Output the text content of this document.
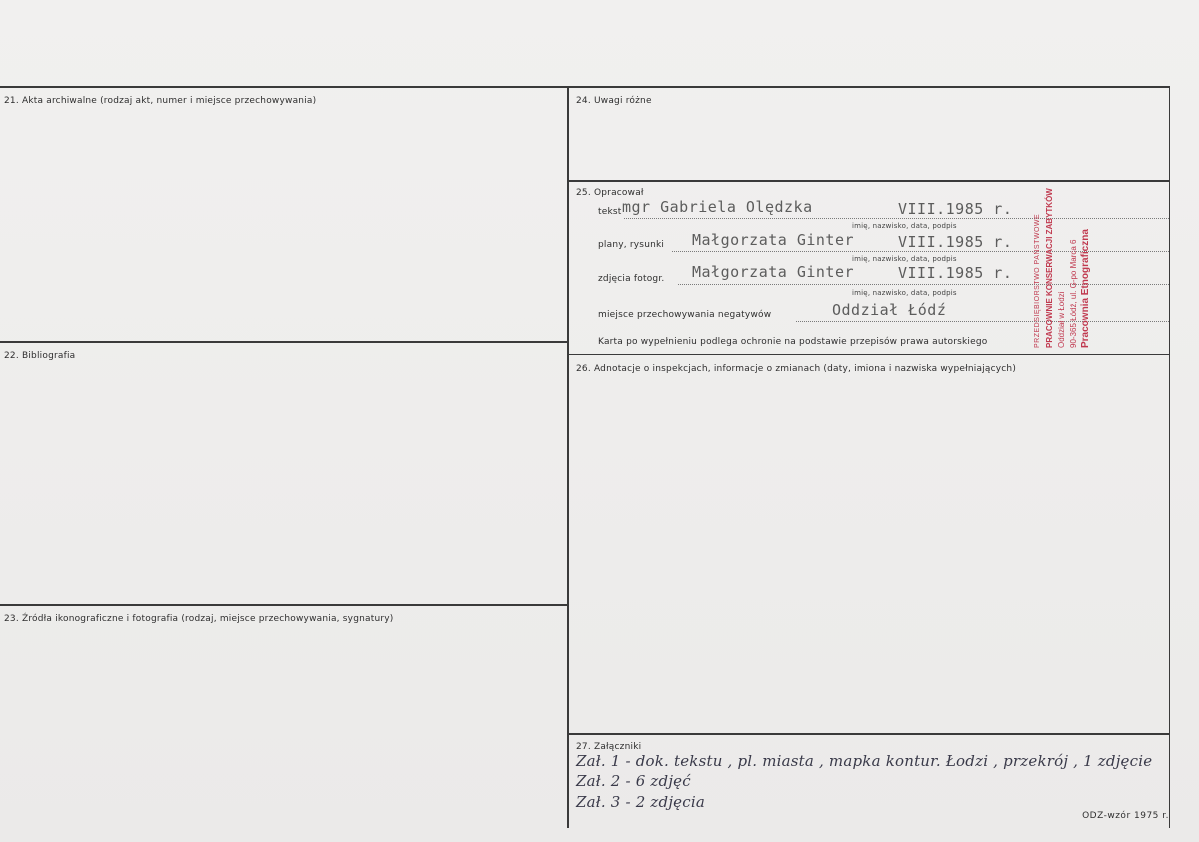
21. Akta archiwalne (rodzaj akt, numer i miejsce przechowywania)
22. Bibliografia
23. Źródła ikonograficzne i fotografia (rodzaj, miejsce przechowywania, sygnatury)
24. Uwagi różne
25. Opracował
26. Adnotacje o inspekcjach, informacje o zmianach (daty, imiona i nazwiska wypełniających)
27. Załączniki
tekst mgr Gabriela Olędzka	VIII.1985 r.
imię, nazwisko, data, podpis
plany, rysunki Małgorzata Ginter	VIII.1985 r.
imię, nazwisko, data, podpis
zdjęcia fotogr. Małgorzata Ginter	VIII.1985 r.
imię, nazwisko, data, podpis
miejsce przechowywania negatywów	Oddział Łódź
Karta po wypełnieniu podlega ochronie na podstawie przepisów prawa autorskiego	PRZEDSIĘBIORSTWO PAŃSTWOWE PRACOWNIE KONSERWACJI ZABYTKÓW Oddział w Łodzi 90-365 Łódź, ul. G-po Marca 6 Pracownia Etnograficzna
Zał. 1 - dok. tekstu , pl. miasta , mapka kontur. Łodzi , przekrój , 1 zdjęcie
Zał. 2 - 6 zdjęć
Zał. 3 - 2 zdjęcia
ODZ-wzór 1975 r.
